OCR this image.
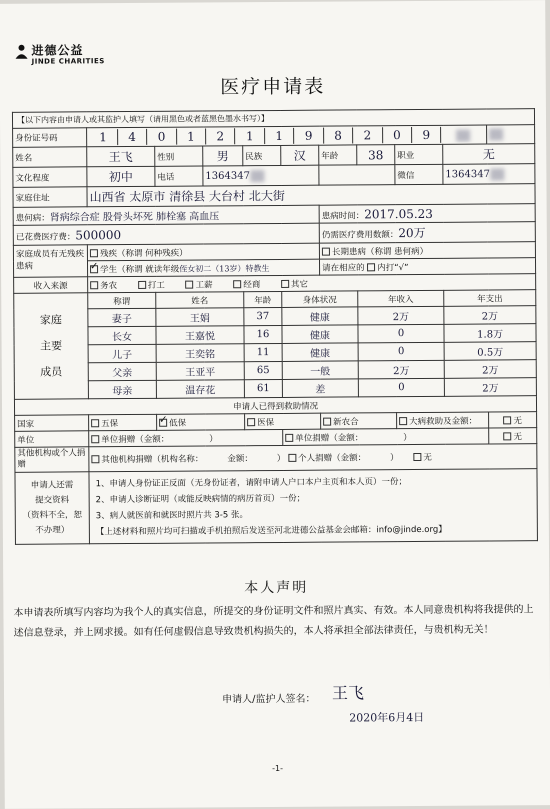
进德公益
JINDE CHARITIES
医疗申请表
【以下内容由申请人或其监护人填写（请用黑色或者蓝黑色墨水书写）】
身份证号码		1	4	0	1	2	1	1	9	8	2	0	9	

姓名	王飞	性别	男	民族	汉	年龄	38	职业	无
文化程度	初中	电话	1364347		微信	1364347
家庭住址	山西省 太原市 清徐县 大台村 北大街
患何病：肾病综合症 股骨头坏死 肺栓塞 高血压	患病时间：2017.05.23
已花费医疗费：500000	仍需医疗费用数额：20万
家庭成员有无残疾患病	残疾（称谓 何种残疾）	长期患病（称谓 患何病）
✓学生（称谓 就读年级侄女初二（13岁）特教生	请在相应的 内打“√”
收入来源	务农	打工	工薪	经商	其它

家庭
主要
成员
	称谓	姓名	年龄	身体状况	年收入	年支出
妻子	王娟	37	健康	2万	2万
长女	王嘉悦	16	健康	0	1.8万
儿子	王奕铭	11	健康	0	0.5万
父亲	王亚平	65	一般	2万	2万
母亲	温存花	61	差	0	2万
申请人已得到救助情况
国家	五保	✓低保	医保	新农合	大病救助及金额：	无
单位	单位捐赠（金额：	）	单位捐赠（金额：	）	无
其他机构或个人捐赠	其他机构捐赠（机构名称：	金额：	） 个人捐赠（金额：	）	无

申请人还需
提交资料
（资料不全，恕
不办理）

1、申请人身份证正反面（无身份证者，请附申请人户口本户主页和本人页）一份；
2、申请人诊断证明（或能反映病情的病历首页）一份；
3、病人就医前和就医时照片共 3-5 张。
【上述材料和照片均可扫描或手机拍照后发送至河北进德公益基金会邮箱：info@jinde.org】
本人声明
本申请表所填写内容均为我个人的真实信息，所提交的身份证明文件和照片真实、有效。本人同意贵机构将我提供的上述信息登录，并上网求援。如有任何虚假信息导致贵机构损失的，本人将承担全部法律责任，与贵机构无关！
申请人/监护人签名： 王飞
2020年6月4日
-1-
